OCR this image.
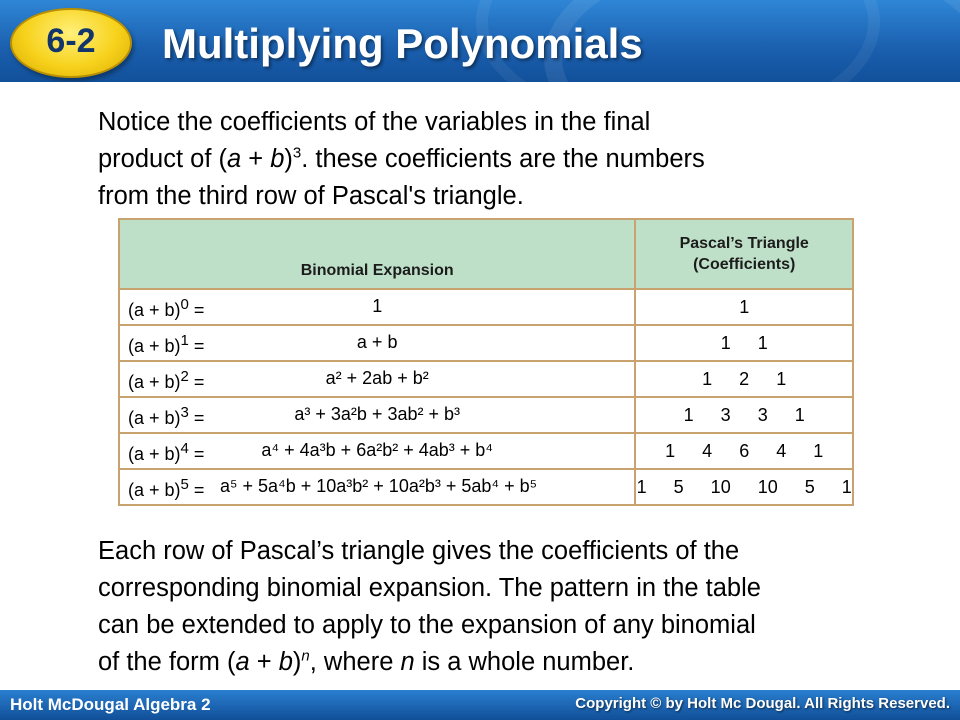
6-2	Multiplying Polynomials
Notice the coefficients of the variables in the final
product of $(a + b)^3$. these coefficients are the numbers
from the third row of Pascal's triangle.
Binomial Expansion	Pascal’s Triangle
(Coefficients)

$(a + b)^0 = 1$	1

$(a + b)^1 = a + b$	1 1

$(a + b)^2 = a^2 + 2ab + b^2$	1 2 1

$(a + b)^3 = a^3 + 3a^2b + 3ab^2 + b^3$	1 3 3 1

$(a + b)^4 = a^4 + 4a^3b + 6a^2b^2 + 4ab^3 + b^4$	1 4 6 4 1

$(a + b)^5 = a^5 + 5a^4b + 10a^3b^2 + 10a^2b^3 + 5ab^4 + b^5$	1 5 10 10 5 1
Each row of Pascal’s triangle gives the coefficients of the
corresponding binomial expansion. The pattern in the table
can be extended to apply to the expansion of any binomial
of the form $(a + b)^n$, where n is a whole number.
Holt McDougal Algebra 2	Copyright © by Holt Mc Dougal. All Rights Reserved.
